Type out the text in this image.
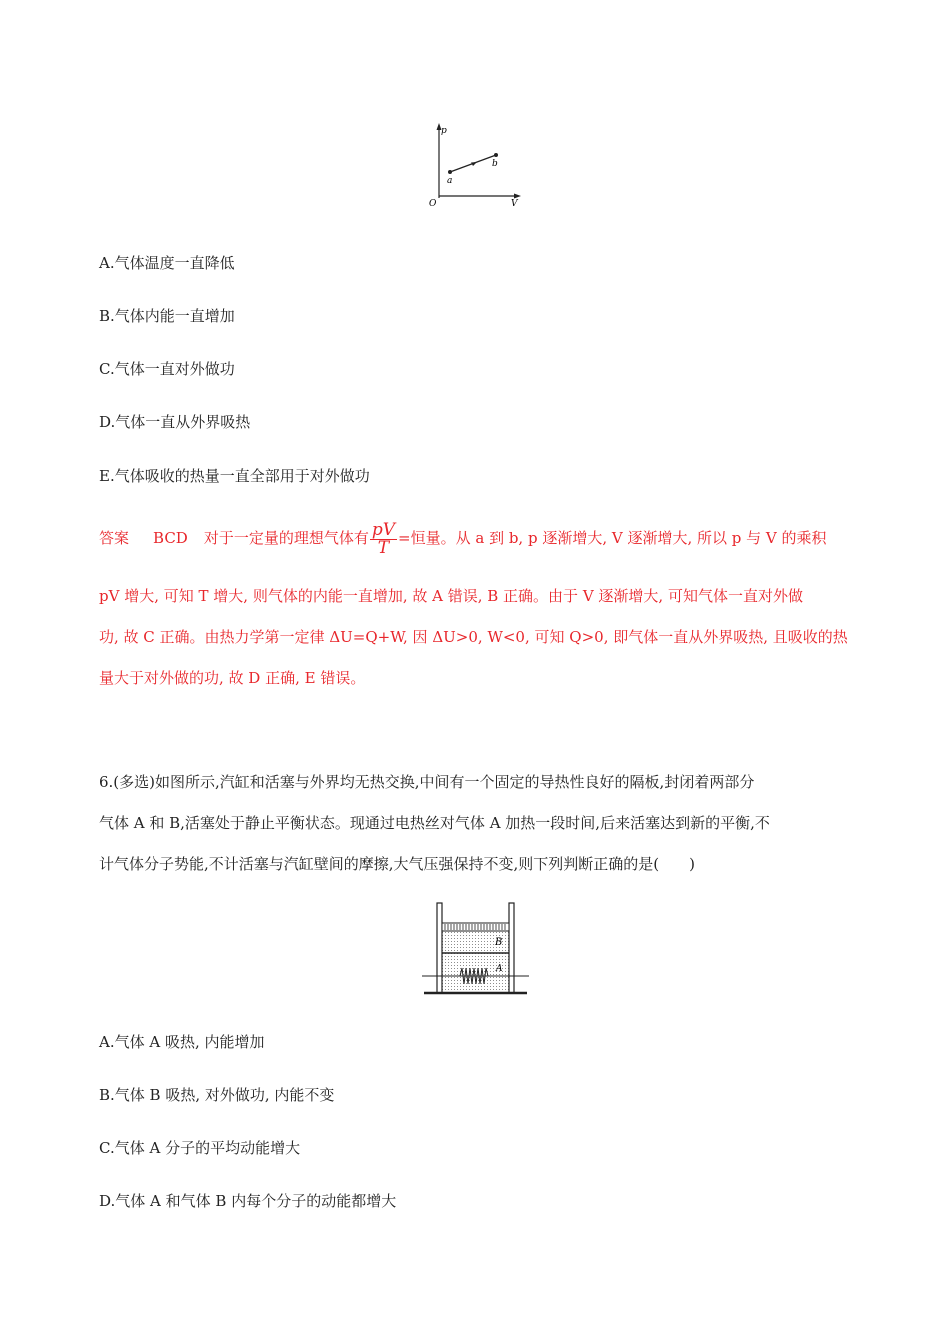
p
V
O
a
b
A.气体温度一直降低
B.气体内能一直增加
C.气体一直对外做功
D.气体一直从外界吸热
E.气体吸收的热量一直全部用于对外做功
答案 BCD 对于一定量的理想气体有 $\frac{pV}{T}$ =恒量。从 a 到 b, p 逐渐增大, V 逐渐增大, 所以 p 与 V 的乘积
pV 增大, 可知 T 增大, 则气体的内能一直增加, 故 A 错误, B 正确。由于 V 逐渐增大, 可知气体一直对外做
功, 故 C 正确。由热力学第一定律 ΔU=Q+W, 因 ΔU>0, W<0, 可知 Q>0, 即气体一直从外界吸热, 且吸收的热
量大于对外做的功, 故 D 正确, E 错误。
6.(多选)如图所示,汽缸和活塞与外界均无热交换,中间有一个固定的导热性良好的隔板,封闭着两部分
气体 A 和 B,活塞处于静止平衡状态。现通过电热丝对气体 A 加热一段时间,后来活塞达到新的平衡,不
计气体分子势能,不计活塞与汽缸壁间的摩擦,大气压强保持不变,则下列判断正确的是(　　)
B
A
A.气体 A 吸热, 内能增加
B.气体 B 吸热, 对外做功, 内能不变
C.气体 A 分子的平均动能增大
D.气体 A 和气体 B 内每个分子的动能都增大
